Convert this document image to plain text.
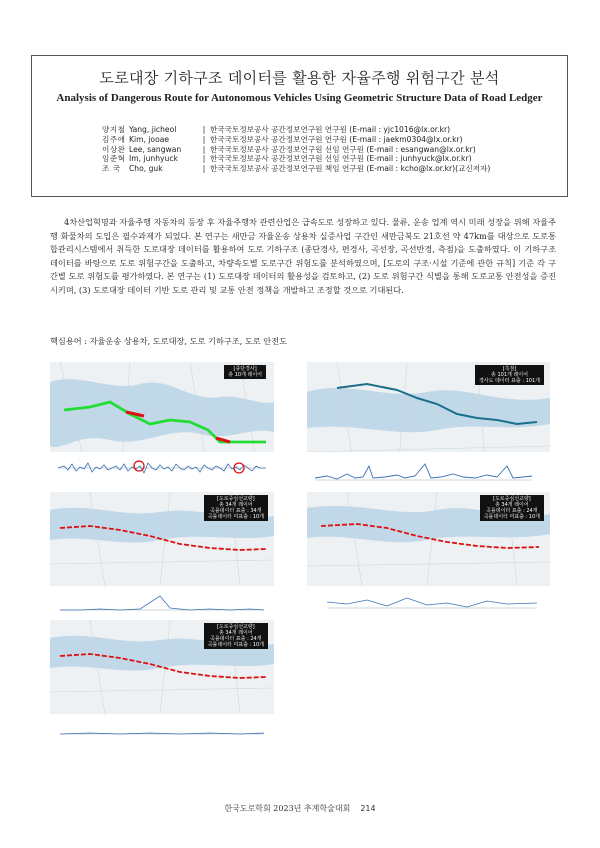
도로대장 기하구조 데이터를 활용한 자율주행 위험구간 분석
Analysis of Dangerous Route for Autonomous Vehicles Using Geometric Structure Data of Road Ledger
양지철 Yang, jicheol	| 한국국토정보공사 공간정보연구원 연구원 (E-mail : yjc1016@lx.or.kr)
김주애 Kim, jooae	| 한국국토정보공사 공간정보연구원 연구원 (E-mail : jaekm0304@lx.or.kr)
이상완 Lee, sangwan	| 한국국토정보공사 공간정보연구원 선임 연구원 (E-mail : esangwan@lx.or.kr)
임준혁 Im, junhyuck	| 한국국토정보공사 공간정보연구원 선임 연구원 (E-mail : junhyuck@lx.or.kr)
조 국	Cho, guk	| 한국국토정보공사 공간정보연구원 책임 연구원 (E-mail : kcho@lx.or.kr)(교신저자)

4차산업혁명과 자율주행 자동차의 등장 후 자율주행차 관련산업은 급속도로 성장하고 있다. 물류, 운송 업계 역시 미래 성장을 위해 자율주행 화물차의 도입은 필수과제가 되었다. 본 연구는 새만금 자율운송 상용차 실증사업 구간인 새만금북도 21호선 약 47km를 대상으로 도로통합관리시스템에서 취득한 도로대장 데이터를 활용하여 도로 기하구조 (종단경사, 편경사, 곡선장, 곡선반경, 측점)을 도출하였다. 이 기하구조 데이터를 바탕으로 도로 위험구간을 도출하고, 차량속도별 도로구간 위험도를 분석하였으며, [도로의 구조·시설 기준에 관한 규칙] 기준 각 구간별 도로 위험도를 평가하였다. 본 연구는 (1) 도로대장 데이터의 활용성을 검토하고, (2) 도로 위험구간 식별을 통해 도로교통 안전성을 증진시키며, (3) 도로대장 데이터 기반 도로 관리 및 교통 안전 정책을 개발하고 조정할 것으로 기대된다.

핵심용어 : 자율운송 상용차, 도로대장, 도로 기하구조, 도로 안전도

[종단경사]
총 10개 레이어
[측점]
총 101개 레이어
경사도 데이터 표출 : 101개
[도로중심선교량]
총 34개 레이어
곡률데이터 표출 : 34개
곡률데이터 미표출 : 10개
[도로중심선교량]
총 34개 레이어
곡률데이터 표출 : 24개
곡률데이터 미표출 : 10개
[도로중심선교량]
총 34개 레이어
곡률데이터 표출 : 24개
곡률데이터 미표출 : 10개
한국도로학회 2023년 추계학술대회 214
